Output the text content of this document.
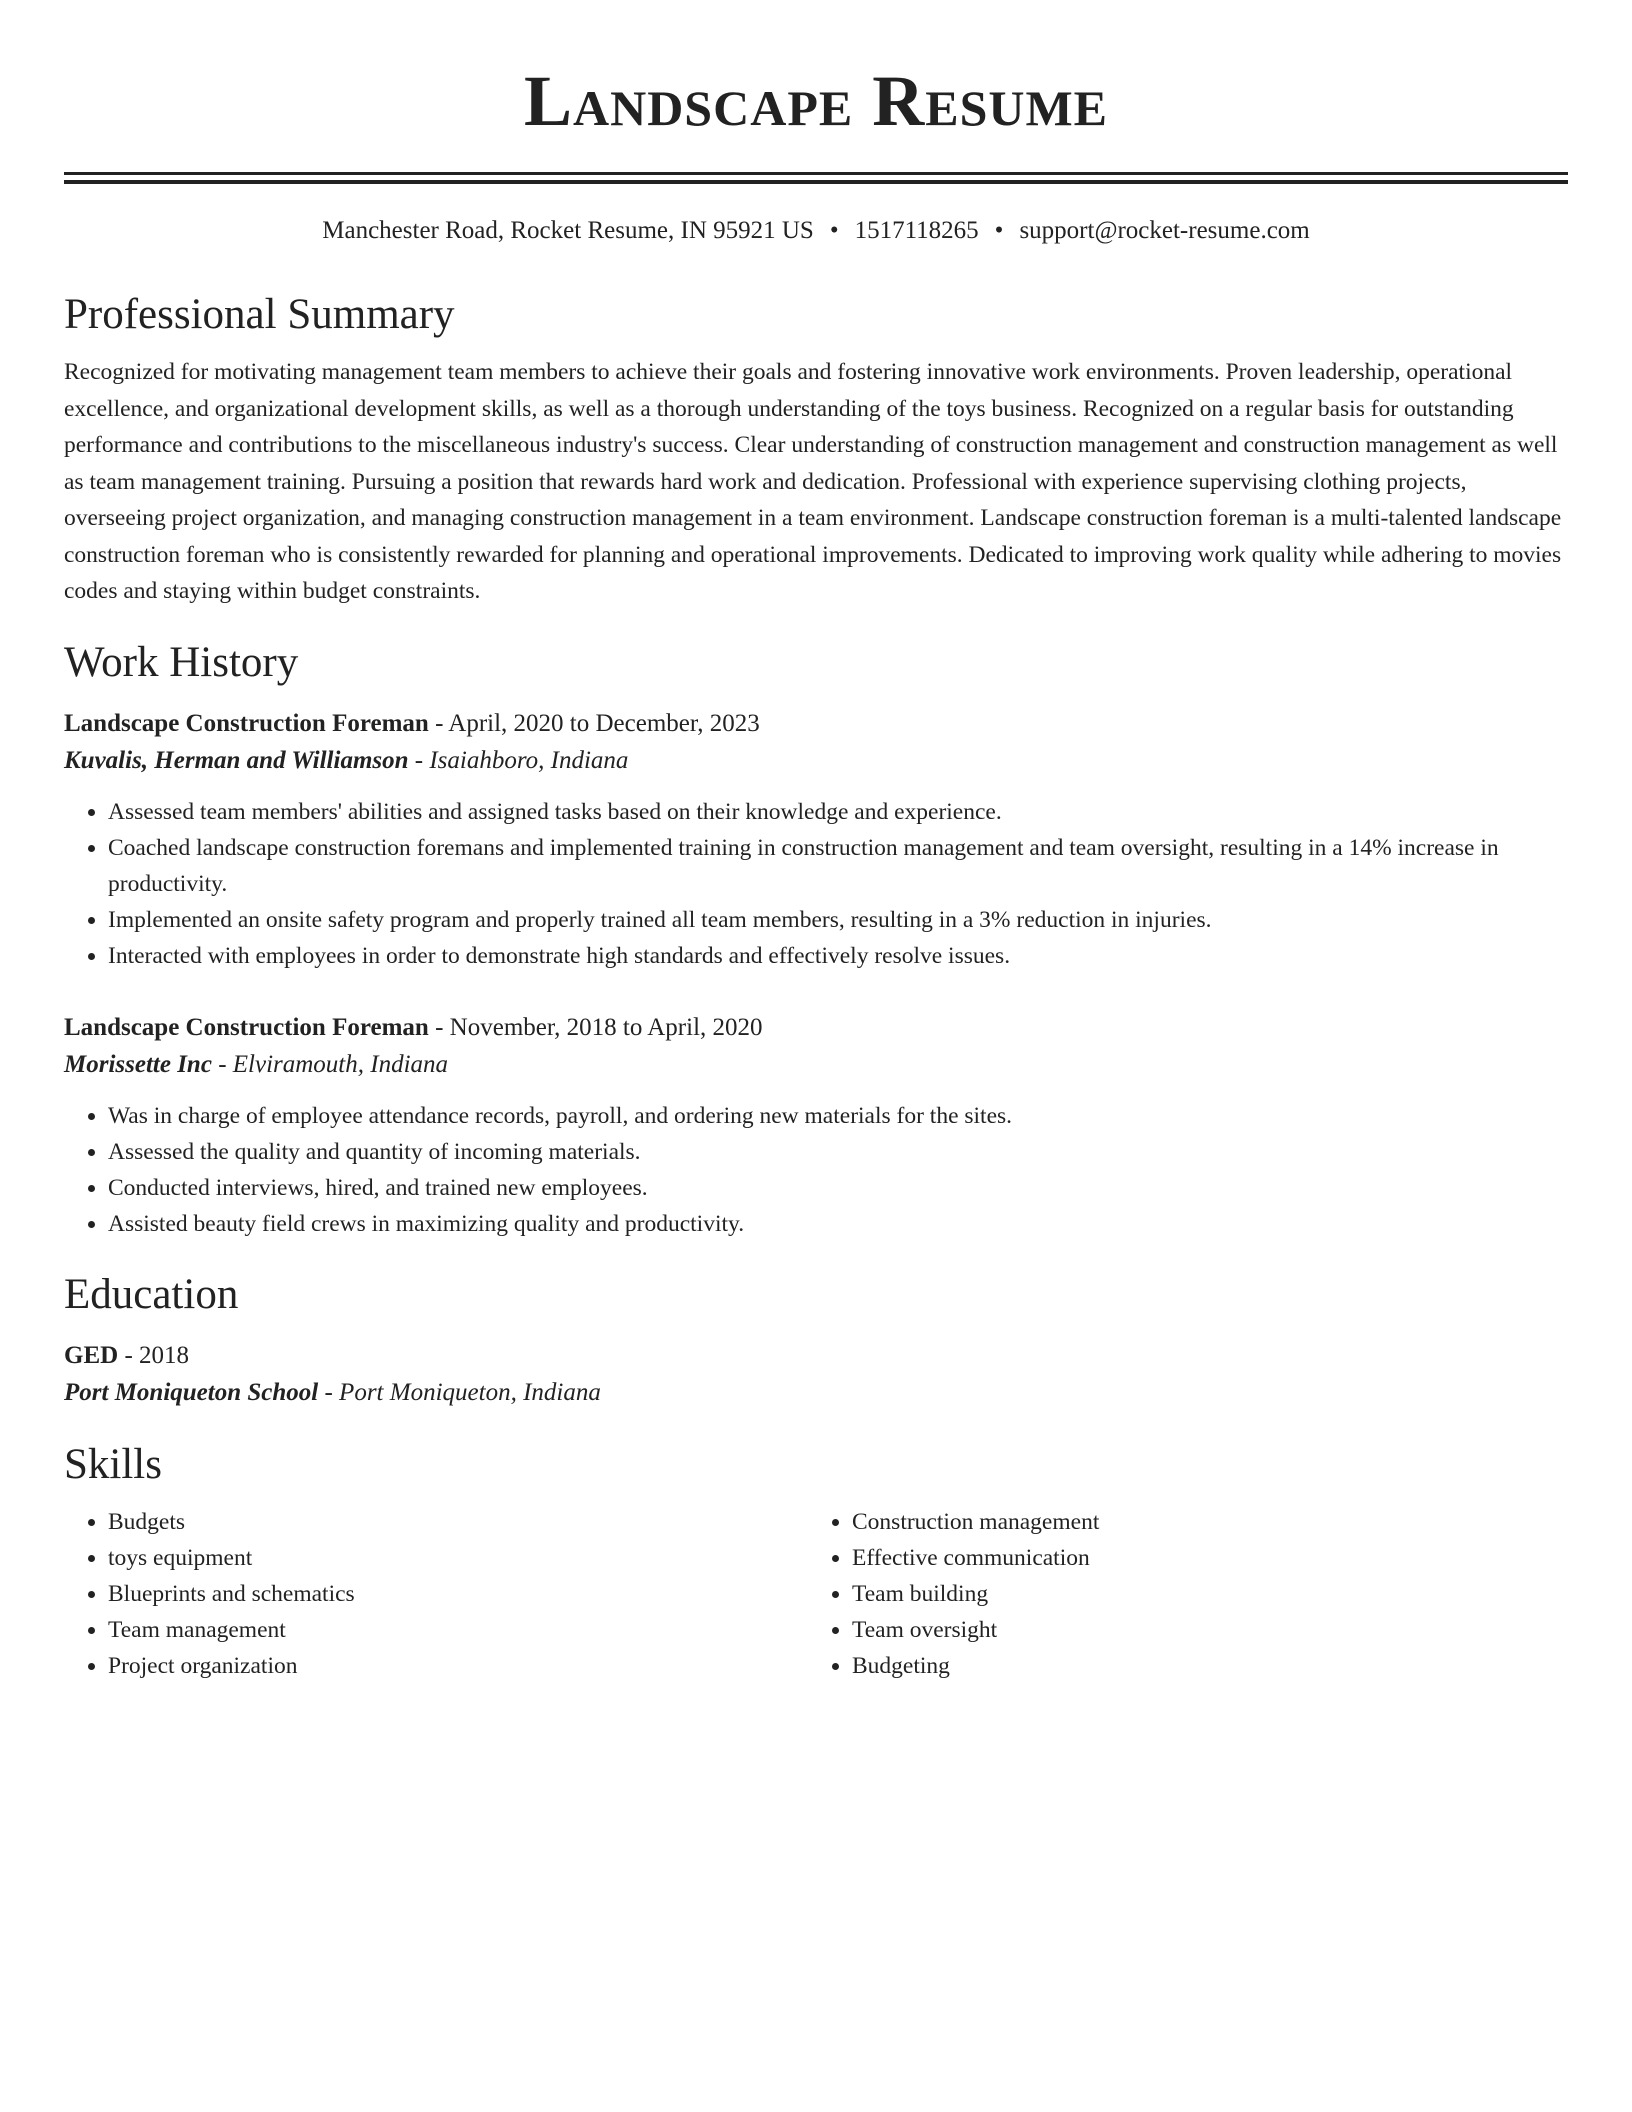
Landscape Resume
Manchester Road, Rocket Resume, IN 95921 US • 1517118265 • support@rocket-resume.com
Professional Summary
Recognized for motivating management team members to achieve their goals and fostering innovative work environments. Proven leadership, operational excellence, and organizational development skills, as well as a thorough understanding of the toys business. Recognized on a regular basis for outstanding performance and contributions to the miscellaneous industry's success. Clear understanding of construction management and construction management as well as team management training. Pursuing a position that rewards hard work and dedication. Professional with experience supervising clothing projects, overseeing project organization, and managing construction management in a team environment. Landscape construction foreman is a multi-talented landscape construction foreman who is consistently rewarded for planning and operational improvements. Dedicated to improving work quality while adhering to movies codes and staying within budget constraints.
Work History
Landscape Construction Foreman - April, 2020 to December, 2023
Kuvalis, Herman and Williamson - Isaiahboro, Indiana
• Assessed team members' abilities and assigned tasks based on their knowledge and experience.
• Coached landscape construction foremans and implemented training in construction management and team oversight, resulting in a 14% increase in productivity.
• Implemented an onsite safety program and properly trained all team members, resulting in a 3% reduction in injuries.
• Interacted with employees in order to demonstrate high standards and effectively resolve issues.
Landscape Construction Foreman - November, 2018 to April, 2020
Morissette Inc - Elviramouth, Indiana
• Was in charge of employee attendance records, payroll, and ordering new materials for the sites.
• Assessed the quality and quantity of incoming materials.
• Conducted interviews, hired, and trained new employees.
• Assisted beauty field crews in maximizing quality and productivity.
Education
GED - 2018
Port Moniqueton School - Port Moniqueton, Indiana
Skills
• Budgets
• toys equipment
• Blueprints and schematics
• Team management
• Project organization
• Construction management
• Effective communication
• Team building
• Team oversight
• Budgeting
